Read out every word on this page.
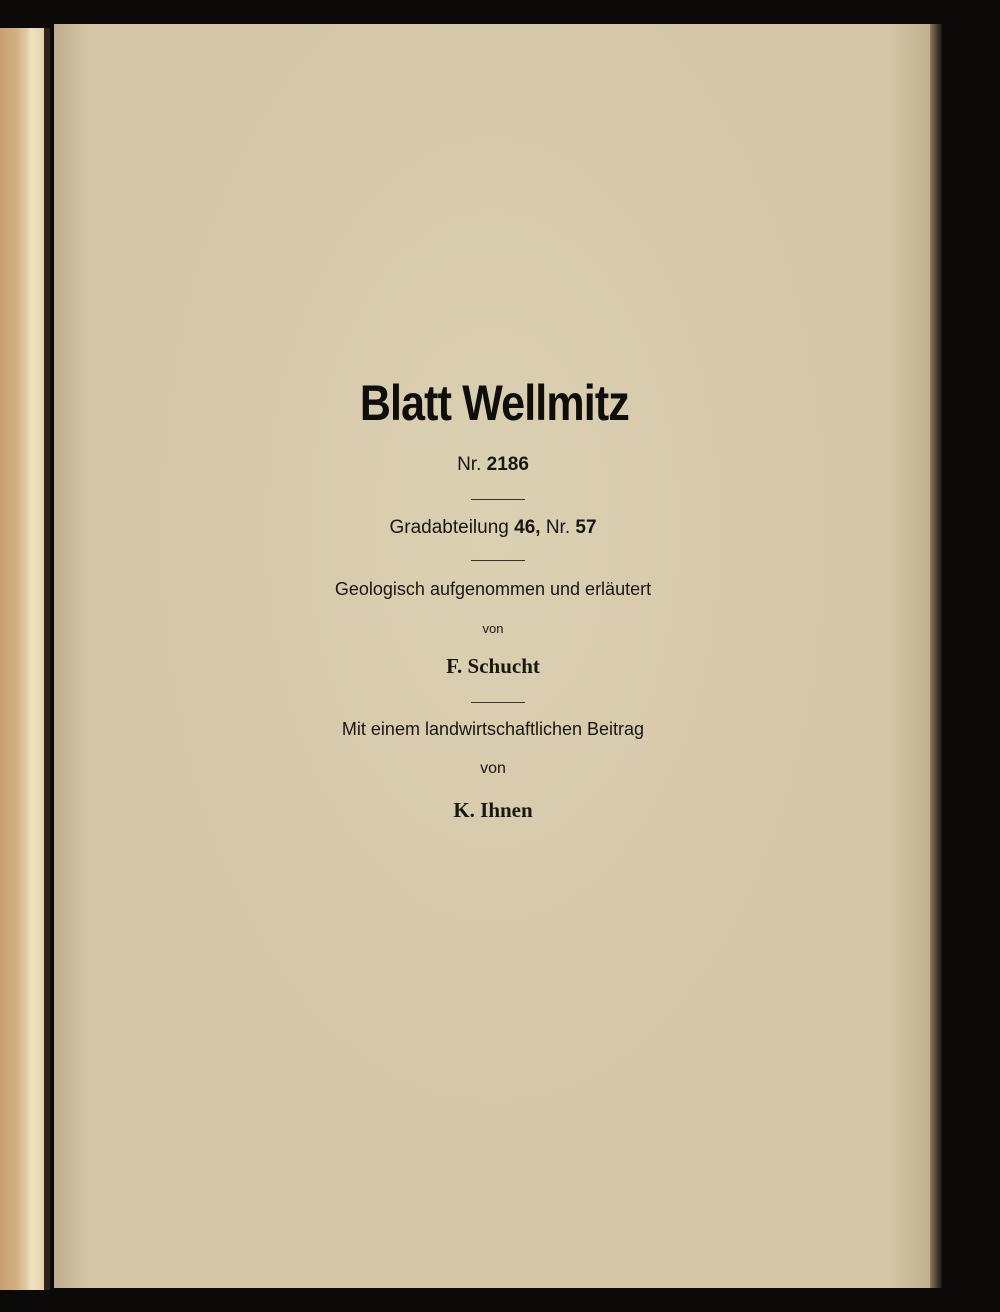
Blatt Wellmitz
Nr. 2186
Gradabteilung 46, Nr. 57
Geologisch aufgenommen und erläutert
von
F. Schucht
Mit einem landwirtschaftlichen Beitrag
von
K. Ihnen
